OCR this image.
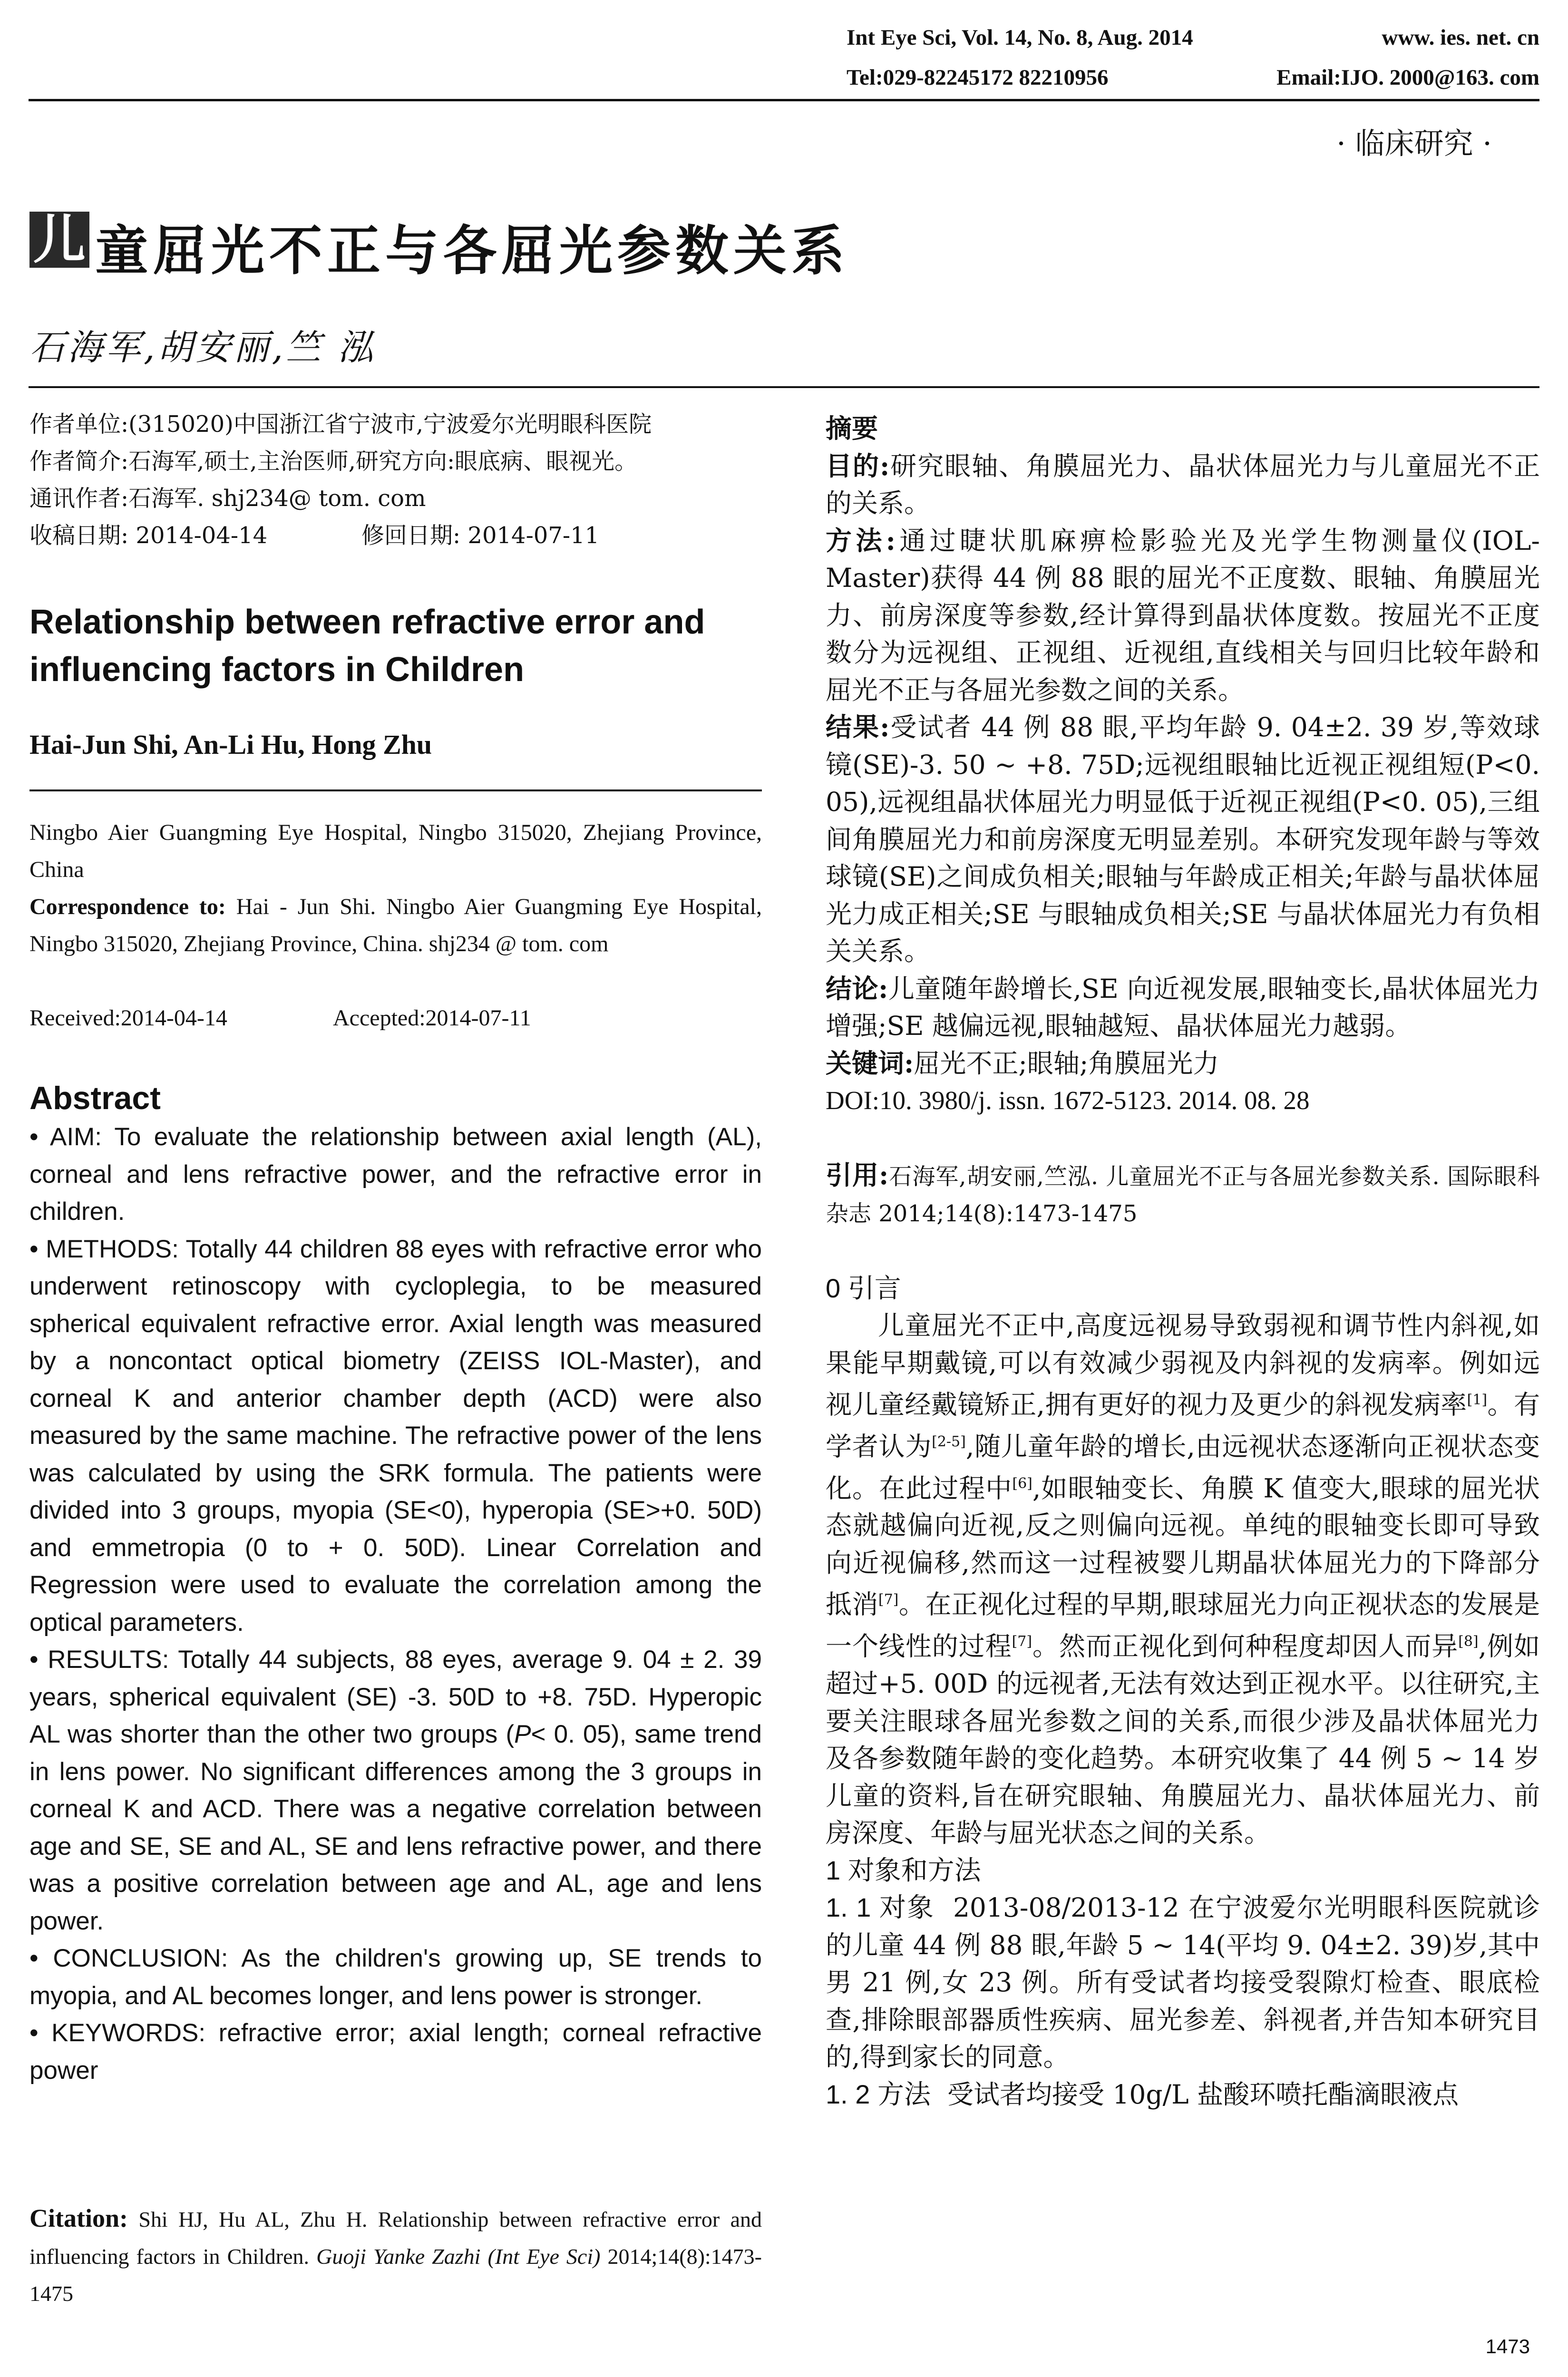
Int Eye Sci, Vol. 14, No. 8, Aug. 2014	www. ies. net. cn
Tel:029-82245172 82210956	Email:IJO. 2000@163. com
· 临床研究 ·
儿 童屈光不正与各屈光参数关系
石海军,胡安丽,竺 泓
作者单位:(315020)中国浙江省宁波市,宁波爱尔光明眼科医院
作者简介:石海军,硕士,主治医师,研究方向:眼底病、眼视光。
通讯作者:石海军. shj234@ tom. com
收稿日期: 2014-04-14	修回日期: 2014-07-11
Relationship between refractive error and influencing factors in Children
Hai-Jun Shi, An-Li Hu, Hong Zhu
Ningbo Aier Guangming Eye Hospital, Ningbo 315020, Zhejiang Province, China
Correspondence to: Hai - Jun Shi. Ningbo Aier Guangming Eye Hospital, Ningbo 315020, Zhejiang Province, China. shj234 @ tom. com
Received:2014-04-14	Accepted:2014-07-11
Abstract

• AIM: To evaluate the relationship between axial length (AL), corneal and lens refractive power, and the refractive error in children.

• METHODS: Totally 44 children 88 eyes with refractive error who underwent retinoscopy with cycloplegia, to be measured spherical equivalent refractive error. Axial length was measured by a noncontact optical biometry (ZEISS IOL-Master), and corneal K and anterior chamber depth (ACD) were also measured by the same machine. The refractive power of the lens was calculated by using the SRK formula. The patients were divided into 3 groups, myopia (SE<0), hyperopia (SE>+0. 50D) and emmetropia (0 to + 0. 50D). Linear Correlation and Regression were used to evaluate the correlation among the optical parameters.

• RESULTS: Totally 44 subjects, 88 eyes, average 9. 04 ± 2. 39 years, spherical equivalent (SE) -3. 50D to +8. 75D. Hyperopic AL was shorter than the other two groups (P< 0. 05), same trend in lens power. No significant differences among the 3 groups in corneal K and ACD. There was a negative correlation between age and SE, SE and AL, SE and lens refractive power, and there was a positive correlation between age and AL, age and lens power.

• CONCLUSION: As the children's growing up, SE trends to myopia, and AL becomes longer, and lens power is stronger.

• KEYWORDS: refractive error; axial length; corneal refractive power

Citation: Shi HJ, Hu AL, Zhu H. Relationship between refractive error and influencing factors in Children. Guoji Yanke Zazhi (Int Eye Sci) 2014;14(8):1473-1475

摘要

目的:研究眼轴、角膜屈光力、晶状体屈光力与儿童屈光不正的关系。

方法:通过睫状肌麻痹检影验光及光学生物测量仪(IOL-Master)获得 44 例 88 眼的屈光不正度数、眼轴、角膜屈光力、前房深度等参数,经计算得到晶状体度数。按屈光不正度数分为远视组、正视组、近视组,直线相关与回归比较年龄和屈光不正与各屈光参数之间的关系。

结果:受试者 44 例 88 眼,平均年龄 9. 04±2. 39 岁,等效球镜(SE)-3. 50 ~ +8. 75D;远视组眼轴比近视正视组短(P<0. 05),远视组晶状体屈光力明显低于近视正视组(P<0. 05),三组间角膜屈光力和前房深度无明显差别。本研究发现年龄与等效球镜(SE)之间成负相关;眼轴与年龄成正相关;年龄与晶状体屈光力成正相关;SE 与眼轴成负相关;SE 与晶状体屈光力有负相关关系。

结论:儿童随年龄增长,SE 向近视发展,眼轴变长,晶状体屈光力增强;SE 越偏远视,眼轴越短、晶状体屈光力越弱。

关键词:屈光不正;眼轴;角膜屈光力

DOI:10. 3980/j. issn. 1672-5123. 2014. 08. 28

引用:石海军,胡安丽,竺泓. 儿童屈光不正与各屈光参数关系. 国际眼科杂志 2014;14(8):1473-1475

0 引言

儿童屈光不正中,高度远视易导致弱视和调节性内斜视,如果能早期戴镜,可以有效减少弱视及内斜视的发病率。例如远视儿童经戴镜矫正,拥有更好的视力及更少的斜视发病率[1]。有学者认为[2-5],随儿童年龄的增长,由远视状态逐渐向正视状态变化。在此过程中[6],如眼轴变长、角膜 K 值变大,眼球的屈光状态就越偏向近视,反之则偏向远视。单纯的眼轴变长即可导致向近视偏移,然而这一过程被婴儿期晶状体屈光力的下降部分抵消[7]。在正视化过程的早期,眼球屈光力向正视状态的发展是一个线性的过程[7]。然而正视化到何种程度却因人而异[8],例如超过+5. 00D 的远视者,无法有效达到正视水平。以往研究,主要关注眼球各屈光参数之间的关系,而很少涉及晶状体屈光力及各参数随年龄的变化趋势。本研究收集了 44 例 5 ~ 14 岁儿童的资料,旨在研究眼轴、角膜屈光力、晶状体屈光力、前房深度、年龄与屈光状态之间的关系。

1 对象和方法

1. 1 对象 2013-08/2013-12 在宁波爱尔光明眼科医院就诊的儿童 44 例 88 眼,年龄 5 ~ 14(平均 9. 04±2. 39)岁,其中男 21 例,女 23 例。所有受试者均接受裂隙灯检查、眼底检查,排除眼部器质性疾病、屈光参差、斜视者,并告知本研究目的,得到家长的同意。

1. 2 方法 受试者均接受 10g/L 盐酸环喷托酯滴眼液点

1473
